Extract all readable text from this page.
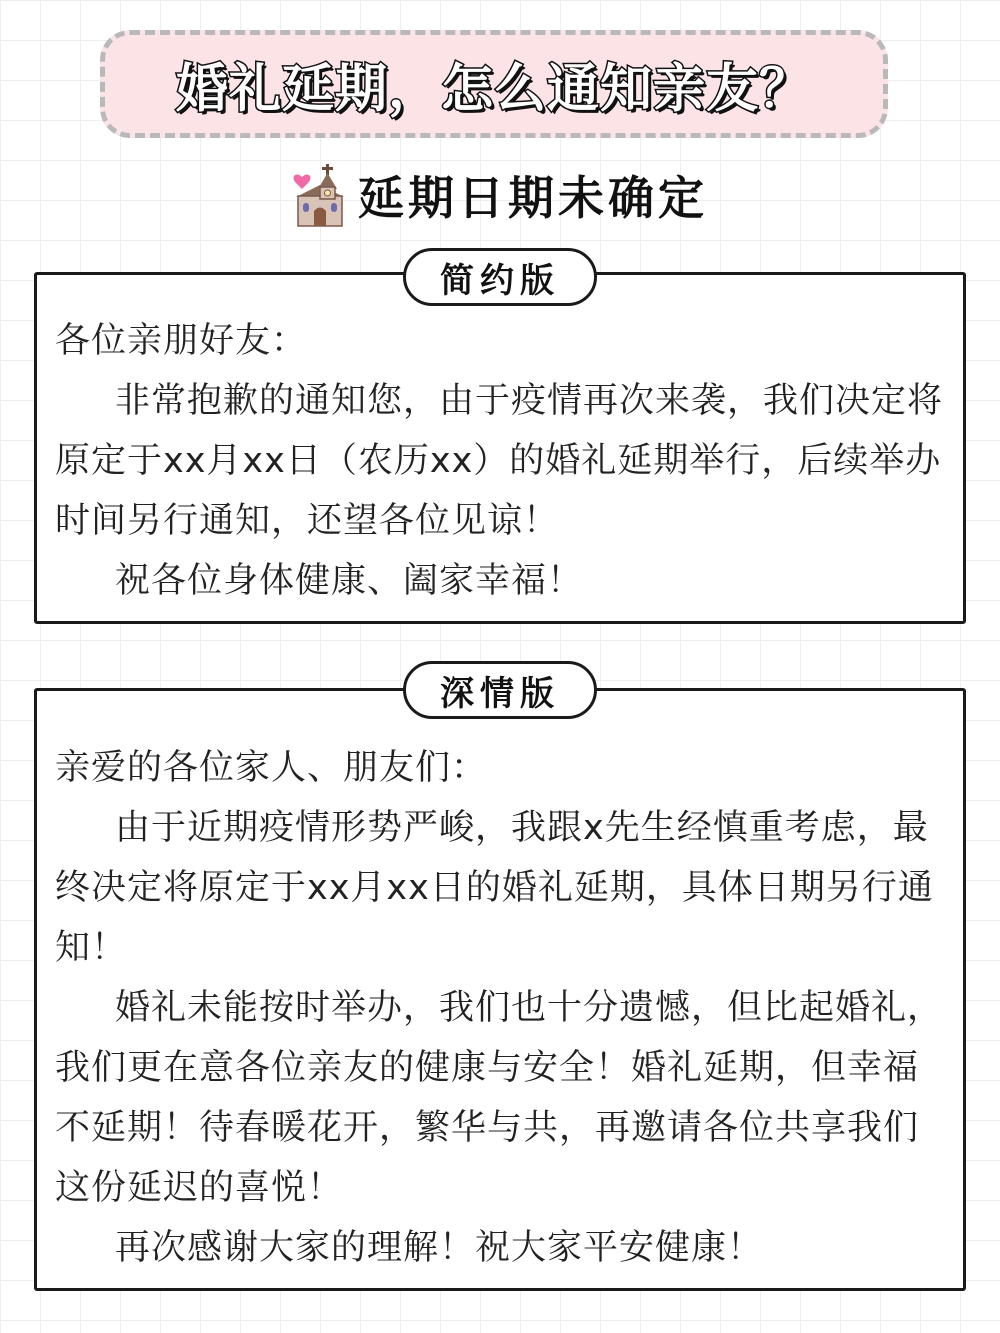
婚礼延期，怎么通知亲友？
延期日期未确定

各位亲朋好友：

非常抱歉的通知您，由于疫情再次来袭，我们决定将原定于xx月xx日（农历xx）的婚礼延期举行，后续举办时间另行通知，还望各位见谅！

祝各位身体健康、阖家幸福！

简约版

亲爱的各位家人、朋友们：

由于近期疫情形势严峻，我跟x先生经慎重考虑，最终决定将原定于xx月xx日的婚礼延期，具体日期另行通知！

婚礼未能按时举办，我们也十分遗憾，但比起婚礼，我们更在意各位亲友的健康与安全！婚礼延期，但幸福不延期！待春暖花开，繁华与共，再邀请各位共享我们这份延迟的喜悦！

再次感谢大家的理解！祝大家平安健康！

深情版
